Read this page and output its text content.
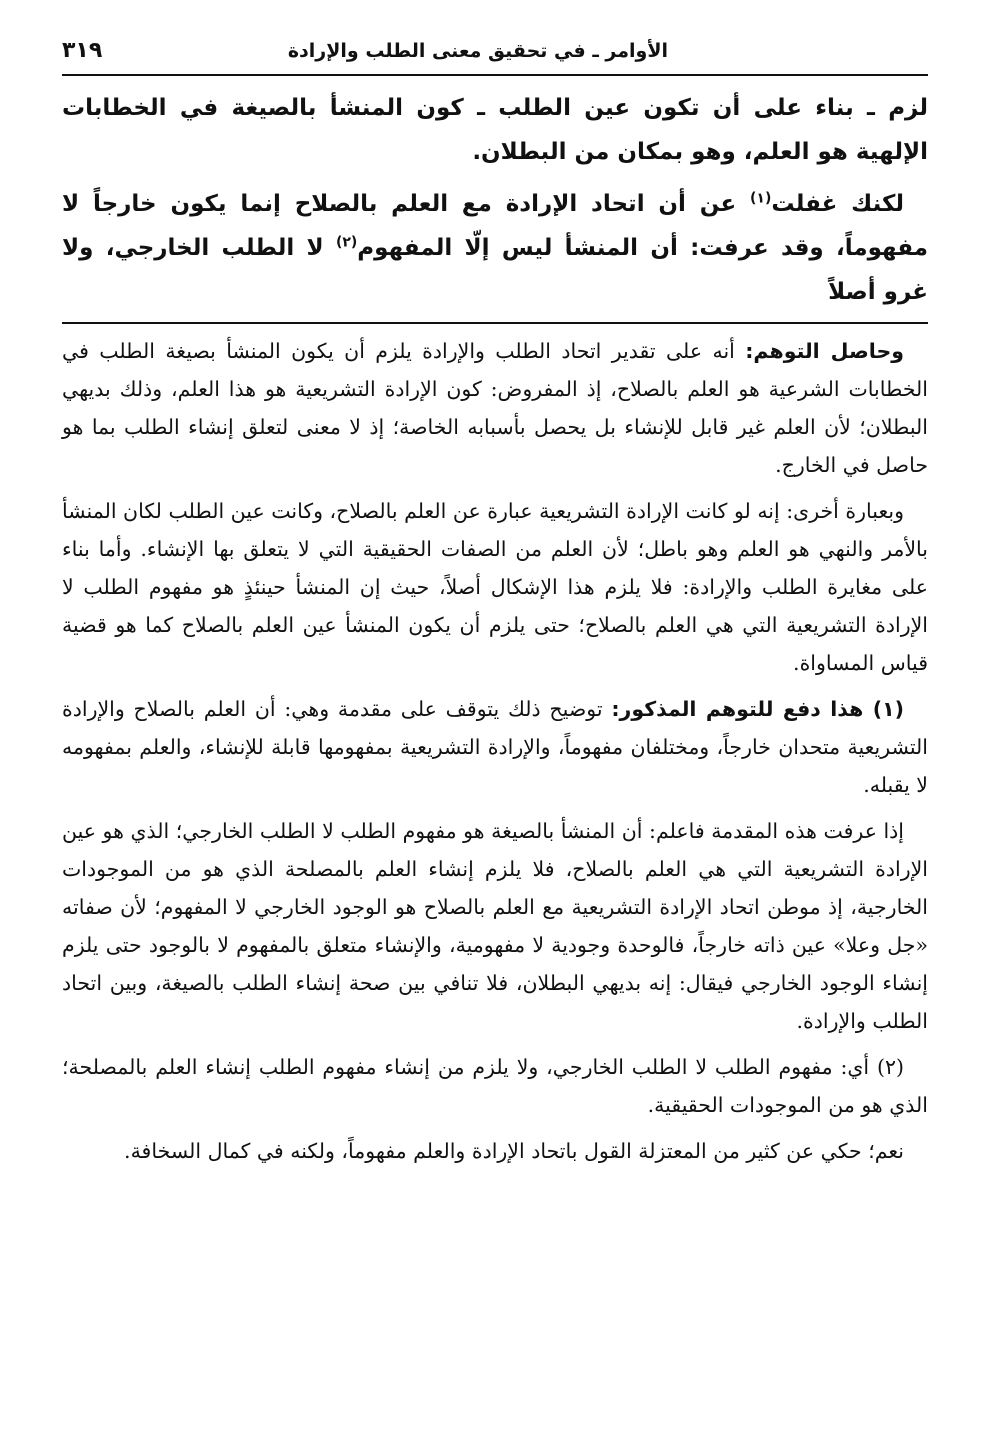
الأوامر ـ في تحقيق معنى الطلب والإرادة
٣١٩

لزم ـ بناء على أن تكون عين الطلب ـ كون المنشأ بالصيغة في الخطابات الإلهية هو العلم، وهو بمكان من البطلان.

لكنك غفلت$^{(١)}$ عن أن اتحاد الإرادة مع العلم بالصلاح إنما يكون خارجاً لا مفهوماً، وقد عرفت: أن المنشأ ليس إلّا المفهوم$^{(٢)}$ لا الطلب الخارجي، ولا غرو أصلاً

وحاصل التوهم: أنه على تقدير اتحاد الطلب والإرادة يلزم أن يكون المنشأ بصيغة الطلب في الخطابات الشرعية هو العلم بالصلاح، إذ المفروض: كون الإرادة التشريعية هو هذا العلم، وذلك بديهي البطلان؛ لأن العلم غير قابل للإنشاء بل يحصل بأسبابه الخاصة؛ إذ لا معنى لتعلق إنشاء الطلب بما هو حاصل في الخارج.

وبعبارة أخرى: إنه لو كانت الإرادة التشريعية عبارة عن العلم بالصلاح، وكانت عين الطلب لكان المنشأ بالأمر والنهي هو العلم وهو باطل؛ لأن العلم من الصفات الحقيقية التي لا يتعلق بها الإنشاء. وأما بناء على مغايرة الطلب والإرادة: فلا يلزم هذا الإشكال أصلاً، حيث إن المنشأ حينئذٍ هو مفهوم الطلب لا الإرادة التشريعية التي هي العلم بالصلاح؛ حتى يلزم أن يكون المنشأ عين العلم بالصلاح كما هو قضية قياس المساواة.

(١) هذا دفع للتوهم المذكور: توضيح ذلك يتوقف على مقدمة وهي: أن العلم بالصلاح والإرادة التشريعية متحدان خارجاً، ومختلفان مفهوماً، والإرادة التشريعية بمفهومها قابلة للإنشاء، والعلم بمفهومه لا يقبله.

إذا عرفت هذه المقدمة فاعلم: أن المنشأ بالصيغة هو مفهوم الطلب لا الطلب الخارجي؛ الذي هو عين الإرادة التشريعية التي هي العلم بالصلاح، فلا يلزم إنشاء العلم بالمصلحة الذي هو من الموجودات الخارجية، إذ موطن اتحاد الإرادة التشريعية مع العلم بالصلاح هو الوجود الخارجي لا المفهوم؛ لأن صفاته «جل وعلا» عين ذاته خارجاً، فالوحدة وجودية لا مفهومية، والإنشاء متعلق بالمفهوم لا بالوجود حتى يلزم إنشاء الوجود الخارجي فيقال: إنه بديهي البطلان، فلا تنافي بين صحة إنشاء الطلب بالصيغة، وبين اتحاد الطلب والإرادة.

(٢) أي: مفهوم الطلب لا الطلب الخارجي، ولا يلزم من إنشاء مفهوم الطلب إنشاء العلم بالمصلحة؛ الذي هو من الموجودات الحقيقية.

نعم؛ حكي عن كثير من المعتزلة القول باتحاد الإرادة والعلم مفهوماً، ولكنه في كمال السخافة.
